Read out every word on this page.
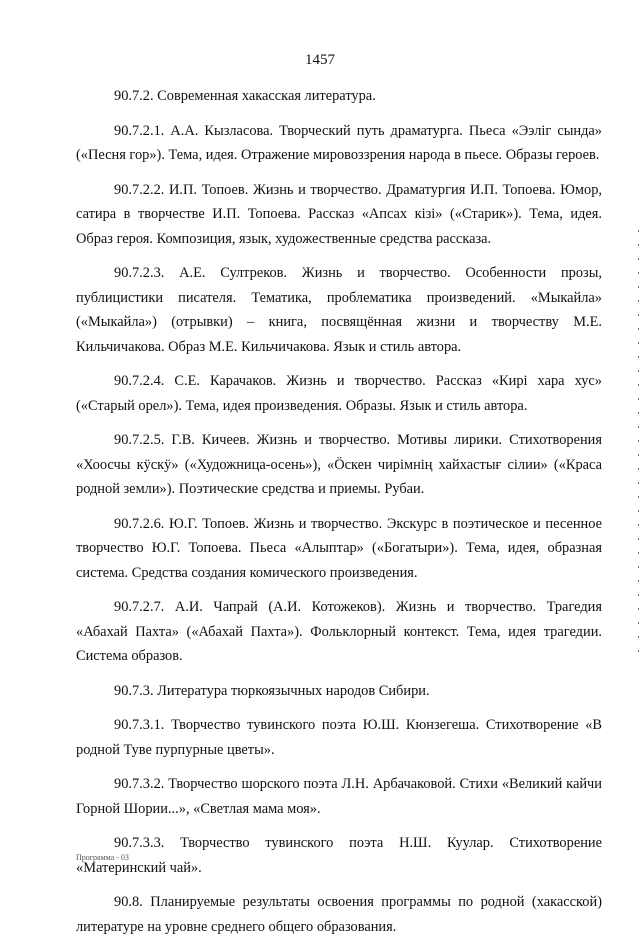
1457

90.7.2. Современная хакасская литература.

90.7.2.1. А.А. Кызласова. Творческий путь драматурга. Пьеса «Ээліг сында» («Песня гор»). Тема, идея. Отражение мировоззрения народа в пьесе. Образы героев.

90.7.2.2. И.П. Топоев. Жизнь и творчество. Драматургия И.П. Топоева. Юмор, сатира в творчестве И.П. Топоева. Рассказ «Апсах кізі» («Старик»). Тема, идея. Образ героя. Композиция, язык, художественные средства рассказа.

90.7.2.3. А.Е. Султреков. Жизнь и творчество. Особенности прозы, публицистики писателя. Тематика, проблематика произведений. «Мыкайла» («Мыкайла») (отрывки) – книга, посвящённая жизни и творчеству М.Е. Кильчичакова. Образ М.Е. Кильчичакова. Язык и стиль автора.

90.7.2.4. С.Е. Карачаков. Жизнь и творчество. Рассказ «Кирі хара хус» («Старый орел»). Тема, идея произведения. Образы. Язык и стиль автора.

90.7.2.5. Г.В. Кичеев. Жизнь и творчество. Мотивы лирики. Стихотворения «Хоосчы кÿскÿ» («Художница-осень»), «Öскен чирімнің хайхастығ сілии» («Краса родной земли»). Поэтические средства и приемы. Рубаи.

90.7.2.6. Ю.Г. Топоев. Жизнь и творчество. Экскурс в поэтическое и песенное творчество Ю.Г. Топоева. Пьеса «Алыптар» («Богатыри»). Тема, идея, образная система. Средства создания комического произведения.

90.7.2.7. А.И. Чапрай (А.И. Котожеков). Жизнь и творчество. Трагедия «Абахай Пахта» («Абахай Пахта»). Фольклорный контекст. Тема, идея трагедии. Система образов.

90.7.3. Литература тюркоязычных народов Сибири.

90.7.3.1. Творчество тувинского поэта Ю.Ш. Кюнзегеша. Стихотворение «В родной Туве пурпурные цветы».

90.7.3.2. Творчество шорского поэта Л.Н. Арбачаковой. Стихи «Великий кайчи Горной Шории...», «Светлая мама моя».

90.7.3.3. Творчество тувинского поэта Н.Ш. Куулар. Стихотворение «Материнский чай».

90.8. Планируемые результаты освоения программы по родной (хакасской) литературе на уровне среднего общего образования.

Программа - 03
